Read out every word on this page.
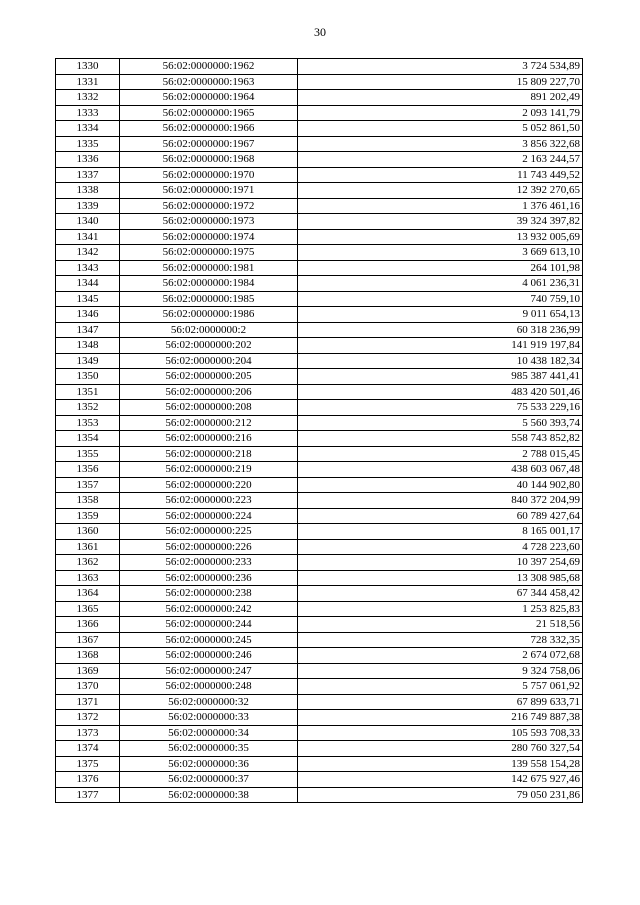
30
1330	56:02:0000000:1962	3 724 534,89
1331	56:02:0000000:1963	15 809 227,70
1332	56:02:0000000:1964	891 202,49
1333	56:02:0000000:1965	2 093 141,79
1334	56:02:0000000:1966	5 052 861,50
1335	56:02:0000000:1967	3 856 322,68
1336	56:02:0000000:1968	2 163 244,57
1337	56:02:0000000:1970	11 743 449,52
1338	56:02:0000000:1971	12 392 270,65
1339	56:02:0000000:1972	1 376 461,16
1340	56:02:0000000:1973	39 324 397,82
1341	56:02:0000000:1974	13 932 005,69
1342	56:02:0000000:1975	3 669 613,10
1343	56:02:0000000:1981	264 101,98
1344	56:02:0000000:1984	4 061 236,31
1345	56:02:0000000:1985	740 759,10
1346	56:02:0000000:1986	9 011 654,13
1347	56:02:0000000:2	60 318 236,99
1348	56:02:0000000:202	141 919 197,84
1349	56:02:0000000:204	10 438 182,34
1350	56:02:0000000:205	985 387 441,41
1351	56:02:0000000:206	483 420 501,46
1352	56:02:0000000:208	75 533 229,16
1353	56:02:0000000:212	5 560 393,74
1354	56:02:0000000:216	558 743 852,82
1355	56:02:0000000:218	2 788 015,45
1356	56:02:0000000:219	438 603 067,48
1357	56:02:0000000:220	40 144 902,80
1358	56:02:0000000:223	840 372 204,99
1359	56:02:0000000:224	60 789 427,64
1360	56:02:0000000:225	8 165 001,17
1361	56:02:0000000:226	4 728 223,60
1362	56:02:0000000:233	10 397 254,69
1363	56:02:0000000:236	13 308 985,68
1364	56:02:0000000:238	67 344 458,42
1365	56:02:0000000:242	1 253 825,83
1366	56:02:0000000:244	21 518,56
1367	56:02:0000000:245	728 332,35
1368	56:02:0000000:246	2 674 072,68
1369	56:02:0000000:247	9 324 758,06
1370	56:02:0000000:248	5 757 061,92
1371	56:02:0000000:32	67 899 633,71
1372	56:02:0000000:33	216 749 887,38
1373	56:02:0000000:34	105 593 708,33
1374	56:02:0000000:35	280 760 327,54
1375	56:02:0000000:36	139 558 154,28
1376	56:02:0000000:37	142 675 927,46
1377	56:02:0000000:38	79 050 231,86
